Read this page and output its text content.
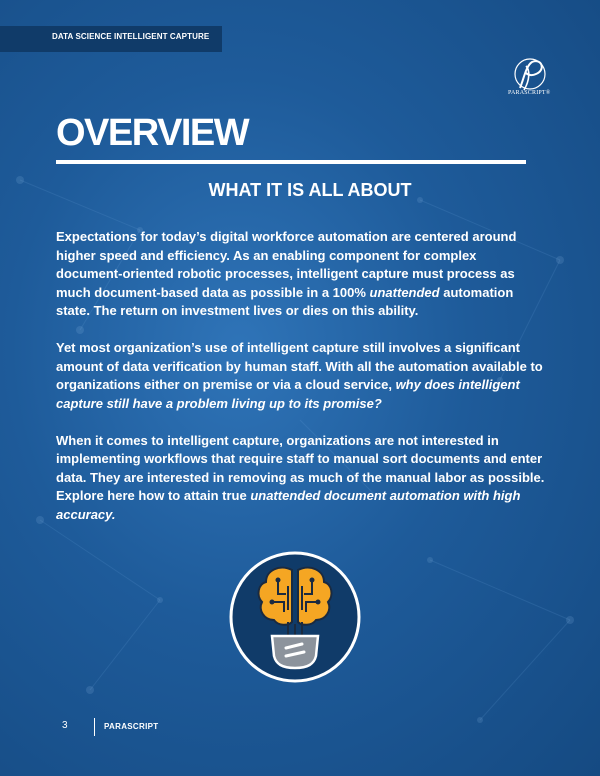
DATA SCIENCE INTELLIGENT CAPTURE
PARASCRIPT®
OVERVIEW
WHAT IT IS ALL ABOUT

Expectations for today’s digital workforce automation are centered around higher speed and efficiency. As an enabling component for complex document-oriented robotic processes, intelligent capture must process as much document-based data as possible in a 100% unattended automation state. The return on investment lives or dies on this ability.

Yet most organization’s use of intelligent capture still involves a significant amount of data verification by human staff. With all the automation available to organizations either on premise or via a cloud service, why does intelligent capture still have a problem living up to its promise?

When it comes to intelligent capture, organizations are not interested in implementing workflows that require staff to manual sort documents and enter data. They are interested in removing as much of the manual labor as possible. Explore here how to attain true unattended document automation with high accuracy.

3	PARASCRIPT
